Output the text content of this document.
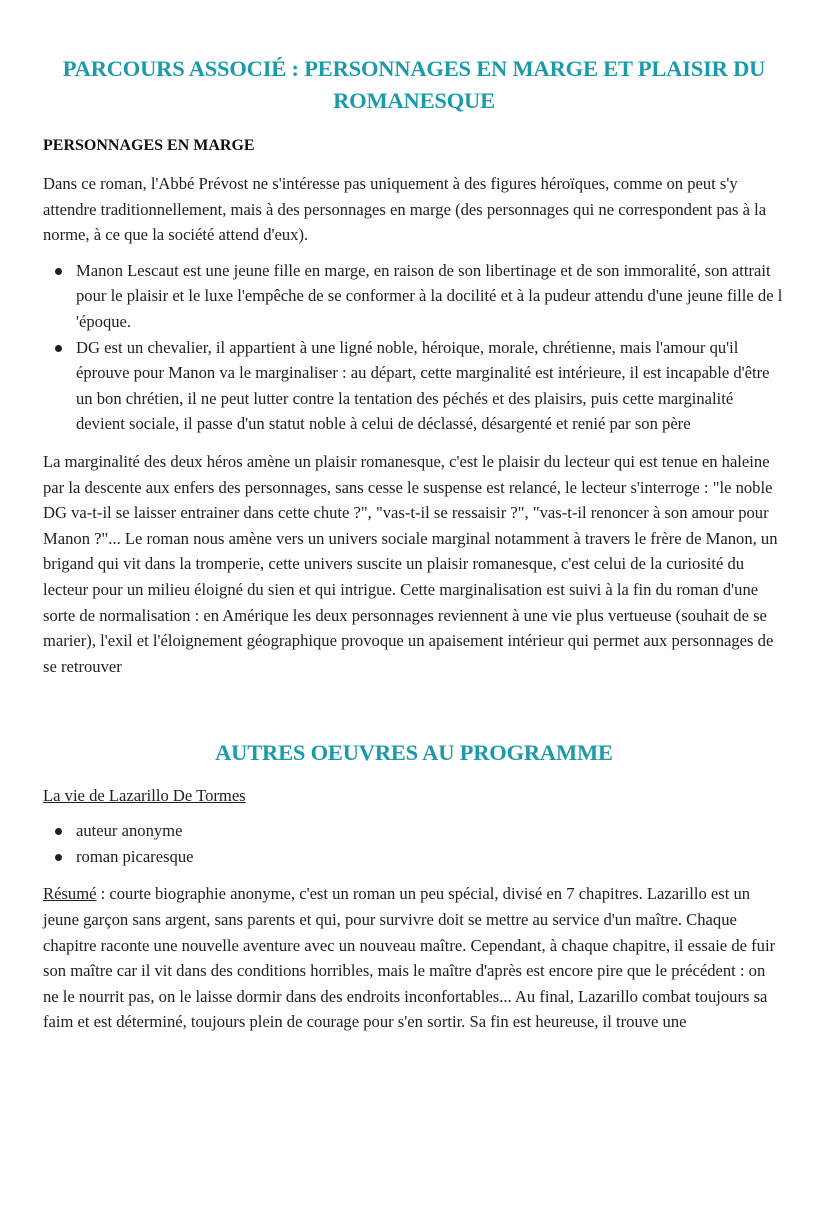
PARCOURS ASSOCIÉ : PERSONNAGES EN MARGE ET PLAISIR DU ROMANESQUE
PERSONNAGES EN MARGE

Dans ce roman, l'Abbé Prévost ne s'intéresse pas uniquement à des figures héroïques, comme on peut s'y attendre traditionnellement, mais à des personnages en marge (des personnages qui ne correspondent pas à la norme, à ce que la société attend d'eux).

Manon Lescaut est une jeune fille en marge, en raison de son libertinage et de son immoralité, son attrait pour le plaisir et le luxe l'empêche de se conformer à la docilité et à la pudeur attendu d'une jeune fille de l 'époque.
DG est un chevalier, il appartient à une ligné noble, héroique, morale, chrétienne, mais l'amour qu'il éprouve pour Manon va le marginaliser : au départ, cette marginalité est intérieure, il est incapable d'être un bon chrétien, il ne peut lutter contre la tentation des péchés et des plaisirs, puis cette marginalité devient sociale, il passe d'un statut noble à celui de déclassé, désargenté et renié par son père

La marginalité des deux héros amène un plaisir romanesque, c'est le plaisir du lecteur qui est tenue en haleine par la descente aux enfers des personnages, sans cesse le suspense est relancé, le lecteur s'interroge : "le noble DG va-t-il se laisser entrainer dans cette chute ?", "vas-t-il se ressaisir ?", "vas-t-il renoncer à son amour pour Manon ?"... Le roman nous amène vers un univers sociale marginal notamment à travers le frère de Manon, un brigand qui vit dans la tromperie, cette univers suscite un plaisir romanesque, c'est celui de la curiosité du lecteur pour un milieu éloigné du sien et qui intrigue. Cette marginalisation est suivi à la fin du roman d'une sorte de normalisation : en Amérique les deux personnages reviennent à une vie plus vertueuse (souhait de se marier), l'exil et l'éloignement géographique provoque un apaisement intérieur qui permet aux personnages de se retrouver

AUTRES OEUVRES AU PROGRAMME
La vie de Lazarillo De Tormes
auteur anonyme
roman picaresque

Résumé : courte biographie anonyme, c'est un roman un peu spécial, divisé en 7 chapitres. Lazarillo est un jeune garçon sans argent, sans parents et qui, pour survivre doit se mettre au service d'un maître. Chaque chapitre raconte une nouvelle aventure avec un nouveau maître. Cependant, à chaque chapitre, il essaie de fuir son maître car il vit dans des conditions horribles, mais le maître d'après est encore pire que le précédent : on ne le nourrit pas, on le laisse dormir dans des endroits inconfortables... Au final, Lazarillo combat toujours sa faim et est déterminé, toujours plein de courage pour s'en sortir. Sa fin est heureuse, il trouve une
